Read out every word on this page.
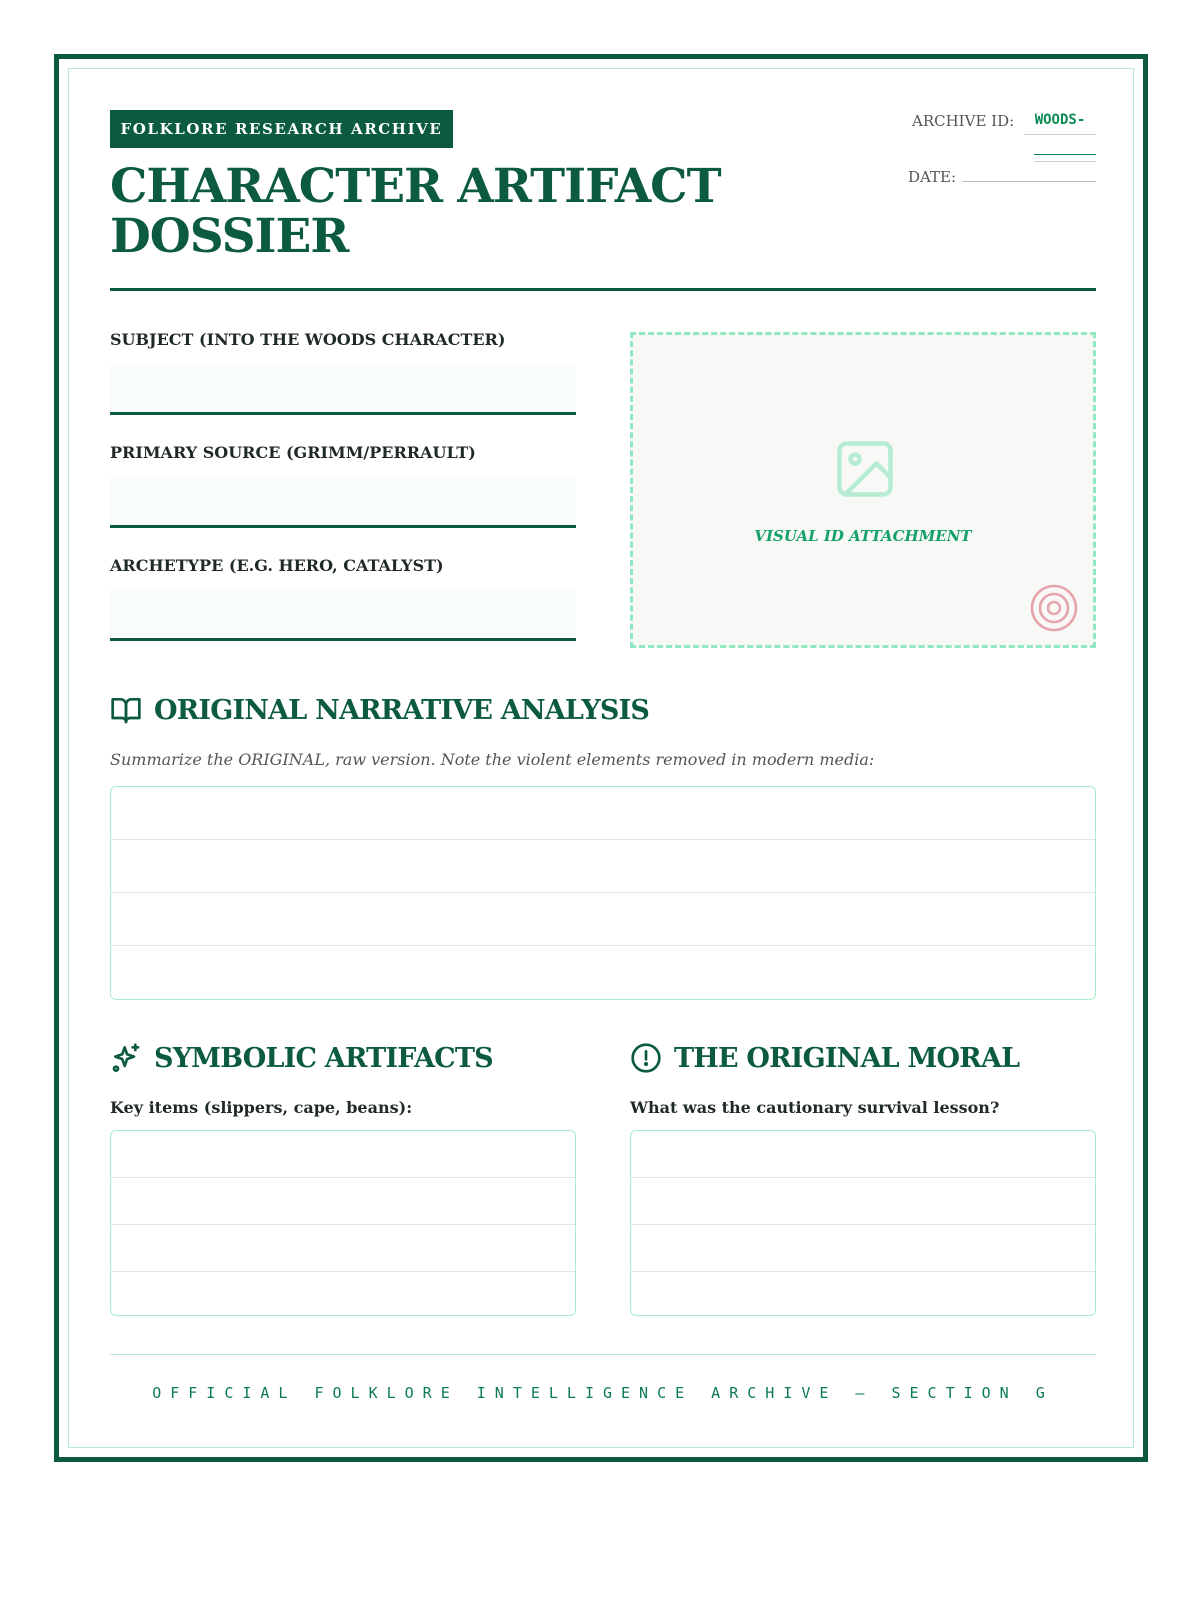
FOLKLORE RESEARCH ARCHIVE
CHARACTER ARTIFACT DOSSIER
ARCHIVE ID:	WOODS-
DATE:
SUBJECT (INTO THE WOODS CHARACTER)
PRIMARY SOURCE (GRIMM/PERRAULT)
ARCHETYPE (E.G. HERO, CATALYST)
VISUAL ID ATTACHMENT
ORIGINAL NARRATIVE ANALYSIS
Summarize the ORIGINAL, raw version. Note the violent elements removed in modern media:
SYMBOLIC ARTIFACTS
Key items (slippers, cape, beans):
THE ORIGINAL MORAL
What was the cautionary survival lesson?
OFFICIAL FOLKLORE INTELLIGENCE ARCHIVE — SECTION G
